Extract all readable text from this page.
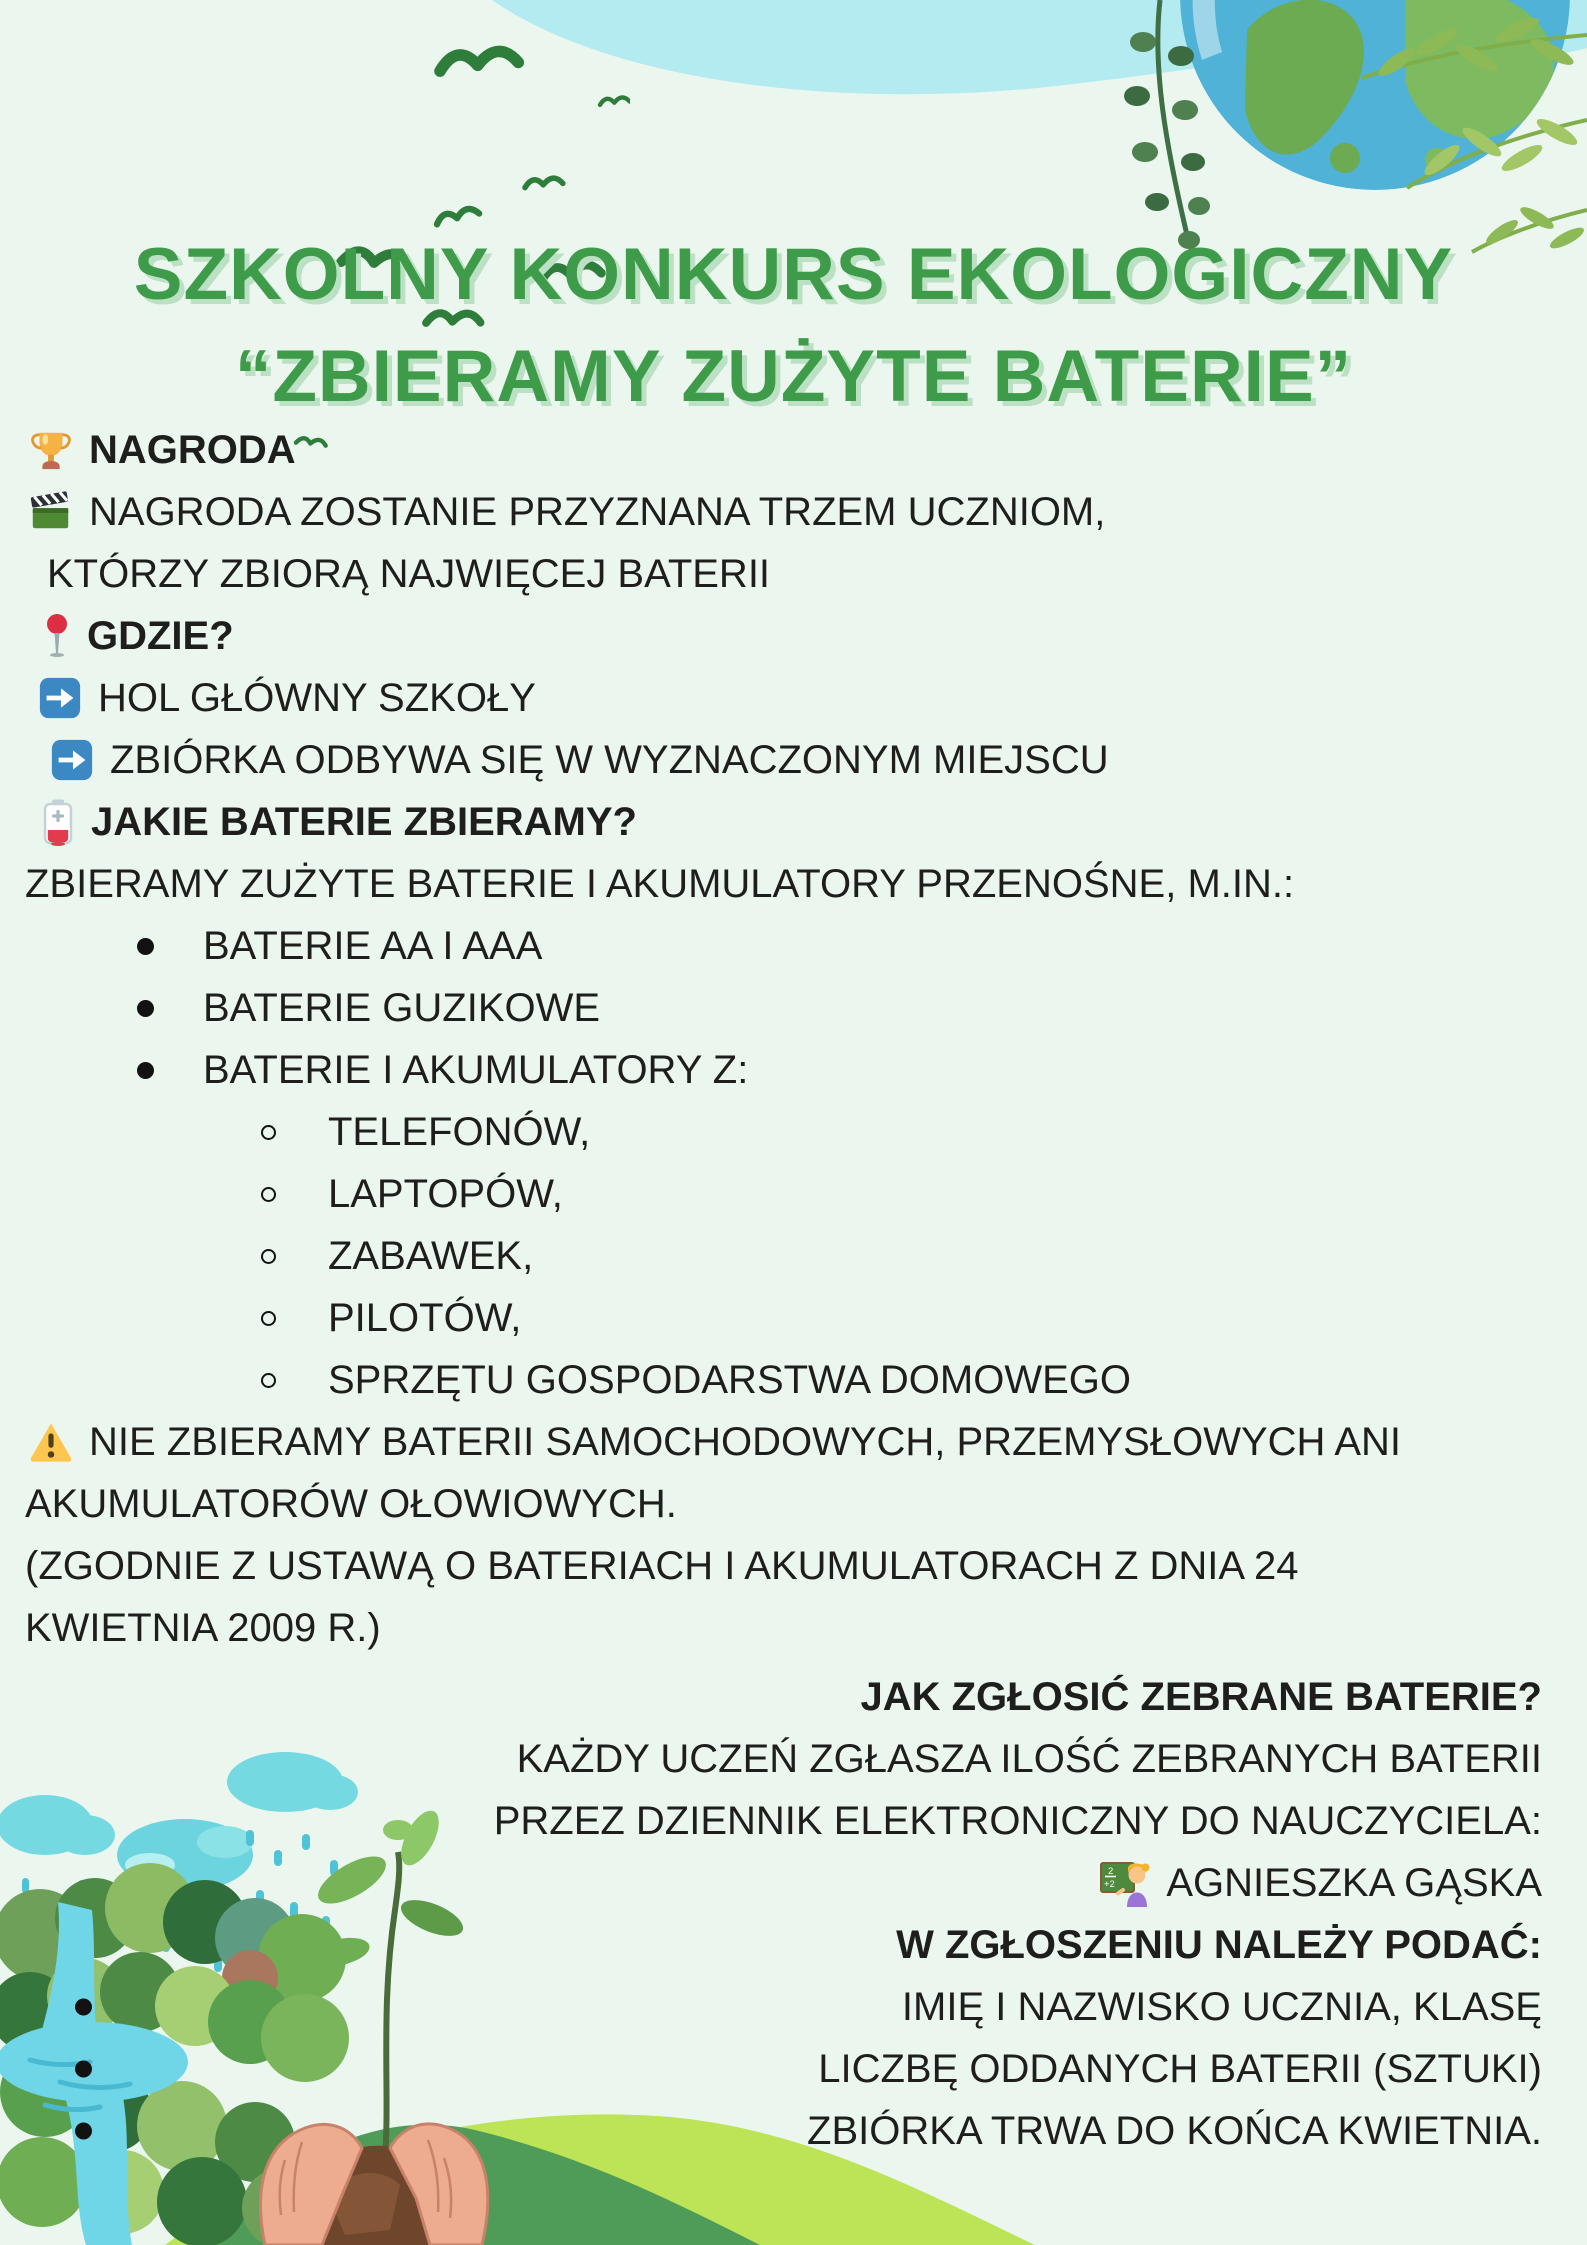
SZKOLNY KONKURS EKOLOGICZNY
“ZBIERAMY ZUŻYTE BATERIE”
NAGRODA
NAGRODA ZOSTANIE PRZYZNANA TRZEM UCZNIOM,
KTÓRZY ZBIORĄ NAJWIĘCEJ BATERII
GDZIE?
HOL GŁÓWNY SZKOŁY
ZBIÓRKA ODBYWA SIĘ W WYZNACZONYM MIEJSCU
JAKIE BATERIE ZBIERAMY?
ZBIERAMY ZUŻYTE BATERIE I AKUMULATORY PRZENOŚNE, M.IN.:
BATERIE AA I AAA
BATERIE GUZIKOWE
BATERIE I AKUMULATORY Z:
TELEFONÓW,
LAPTOPÓW,
ZABAWEK,
PILOTÓW,
SPRZĘTU GOSPODARSTWA DOMOWEGO
NIE ZBIERAMY BATERII SAMOCHODOWYCH, PRZEMYSŁOWYCH ANI
AKUMULATORÓW OŁOWIOWYCH.
(ZGODNIE Z USTAWĄ O BATERIACH I AKUMULATORACH Z DNIA 24
KWIETNIA 2009 R.)
JAK ZGŁOSIĆ ZEBRANE BATERIE?
KAŻDY UCZEŃ ZGŁASZA ILOŚĆ ZEBRANYCH BATERII
PRZEZ DZIENNIK ELEKTRONICZNY DO NAUCZYCIELA:
2
+2 AGNIESZKA GĄSKA
W ZGŁOSZENIU NALEŻY PODAĆ:
IMIĘ I NAZWISKO UCZNIA, KLASĘ
LICZBĘ ODDANYCH BATERII (SZTUKI)
ZBIÓRKA TRWA DO KOŃCA KWIETNIA.
